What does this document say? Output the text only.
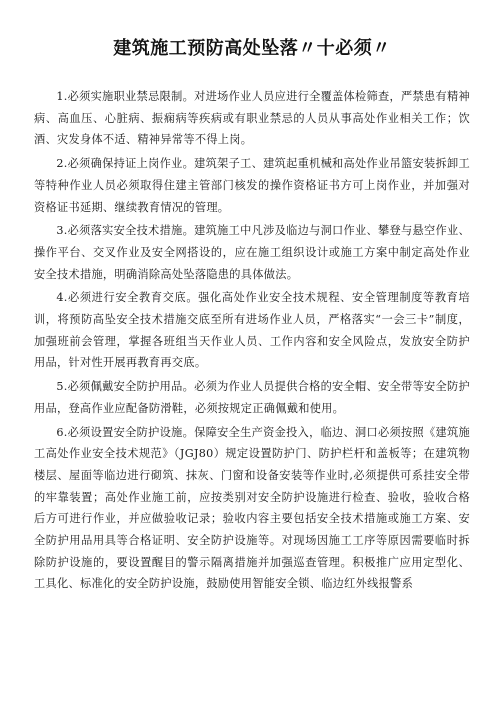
建筑施工预防高处坠落〃十必须〃

1.必须实施职业禁忌限制。对进场作业人员应进行全覆盖体检筛查，严禁患有精神病、高血压、心脏病、振痫病等疾病或有职业禁忌的人员从事高处作业相关工作；饮酒、灾发身体不适、精神异常等不得上岗。

2.必须确保持证上岗作业。建筑架子工、建筑起重机械和高处作业吊篮安装拆卸工等特种作业人员必须取得住建主管部门核发的操作资格证书方可上岗作业，并加强对资格证书延期、继续教育情况的管理。

3.必须落实安全技术措施。建筑施工中凡涉及临边与洞口作业、攀登与悬空作业、操作平台、交叉作业及安全网搭设的，应在施工组织设计或施工方案中制定高处作业安全技术措施，明确消除高处坠落隐患的具体做法。

4.必须进行安全教育交底。强化高处作业安全技术规程、安全管理制度等教育培训，将预防高坠安全技术措施交底至所有进场作业人员，严格落实“一会三卡”制度，加强班前会管理，掌握各班组当天作业人员、工作内容和安全风险点，发放安全防护用品，针对性开展再教育再交底。

5.必须佩戴安全防护用品。必须为作业人员提供合格的安全帽、安全带等安全防护用品，登高作业应配备防滑鞋，必须按规定正确佩戴和使用。

6.必须设置安全防护设施。保障安全生产资金投入，临边、洞口必须按照《建筑施工高处作业安全技术规范》（JGJ80）规定设置防护门、防护栏杆和盖板等；在建筑物楼层、屋面等临边进行砌筑、抹灰、门窗和设备安装等作业时,必须提供可系挂安全带的牢靠装置；高处作业施工前，应按类别对安全防护设施进行检查、验收，验收合格后方可进行作业，并应做验收记录；验收内容主要包括安全技术措施或施工方案、安全防护用品用具等合格证明、安全防护设施等。对现场因施工工序等原因需要临时拆除防护设施的，要设置醒目的警示隔离措施并加强巡查管理。积极推广应用定型化、工具化、标准化的安全防护设施，鼓励使用智能安全锁、临边红外线报警系
